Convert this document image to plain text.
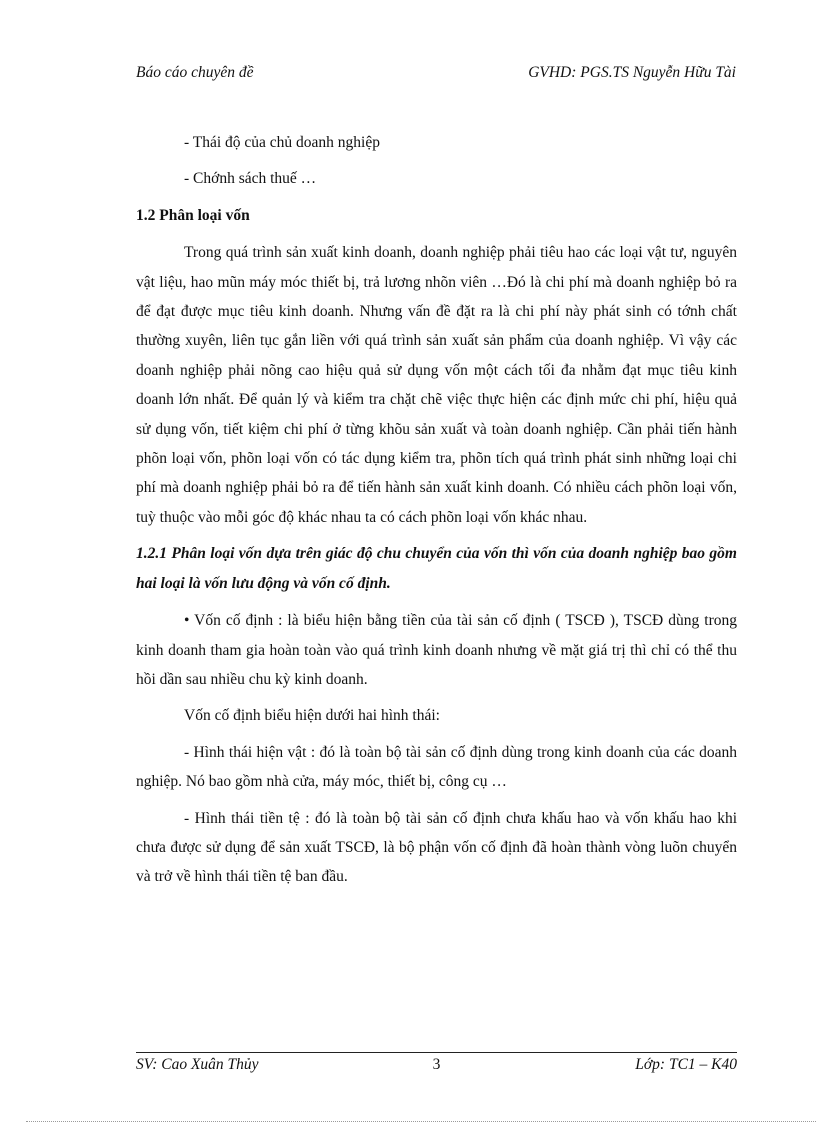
Báo cáo chuyên đề	GVHD: PGS.TS Nguyễn Hữu Tài
- Thái độ của chủ doanh nghiệp
- Chớnh sách thuế …
1.2 Phân loại vốn

Trong quá trình sản xuất kinh doanh, doanh nghiệp phải tiêu hao các loại vật tư, nguyên vật liệu, hao mũn máy móc thiết bị, trả lương nhõn viên …Đó là chi phí mà doanh nghiệp bỏ ra để đạt được mục tiêu kinh doanh. Nhưng vấn đề đặt ra là chi phí này phát sinh có tớnh chất thường xuyên, liên tục gắn liền với quá trình sản xuất sản phẩm của doanh nghiệp. Vì vậy các doanh nghiệp phải nõng cao hiệu quả sử dụng vốn một cách tối đa nhằm đạt mục tiêu kinh doanh lớn nhất. Để quản lý và kiểm tra chặt chẽ việc thực hiện các định mức chi phí, hiệu quả sử dụng vốn, tiết kiệm chi phí ở từng khõu sản xuất và toàn doanh nghiệp. Cần phải tiến hành phõn loại vốn, phõn loại vốn có tác dụng kiểm tra, phõn tích quá trình phát sinh những loại chi phí mà doanh nghiệp phải bỏ ra để tiến hành sản xuất kinh doanh. Có nhiều cách phõn loại vốn, tuỳ thuộc vào mỗi góc độ khác nhau ta có cách phõn loại vốn khác nhau.

1.2.1 Phân loại vốn dựa trên giác độ chu chuyển của vốn thì vốn của doanh nghiệp bao gồm hai loại là vốn lưu động và vốn cố định.

• Vốn cố định : là biểu hiện bằng tiền của tài sản cố định ( TSCĐ ), TSCĐ dùng trong kinh doanh tham gia hoàn toàn vào quá trình kinh doanh nhưng về mặt giá trị thì chỉ có thể thu hồi dần sau nhiều chu kỳ kinh doanh.

Vốn cố định biểu hiện dưới hai hình thái:

- Hình thái hiện vật : đó là toàn bộ tài sản cố định dùng trong kinh doanh của các doanh nghiệp. Nó bao gồm nhà cửa, máy móc, thiết bị, công cụ …

- Hình thái tiền tệ : đó là toàn bộ tài sản cố định chưa khấu hao và vốn khấu hao khi chưa được sử dụng để sản xuất TSCĐ, là bộ phận vốn cố định đã hoàn thành vòng luõn chuyển và trở về hình thái tiền tệ ban đầu.

SV: Cao Xuân Thủy	3	Lớp: TC1 – K40
